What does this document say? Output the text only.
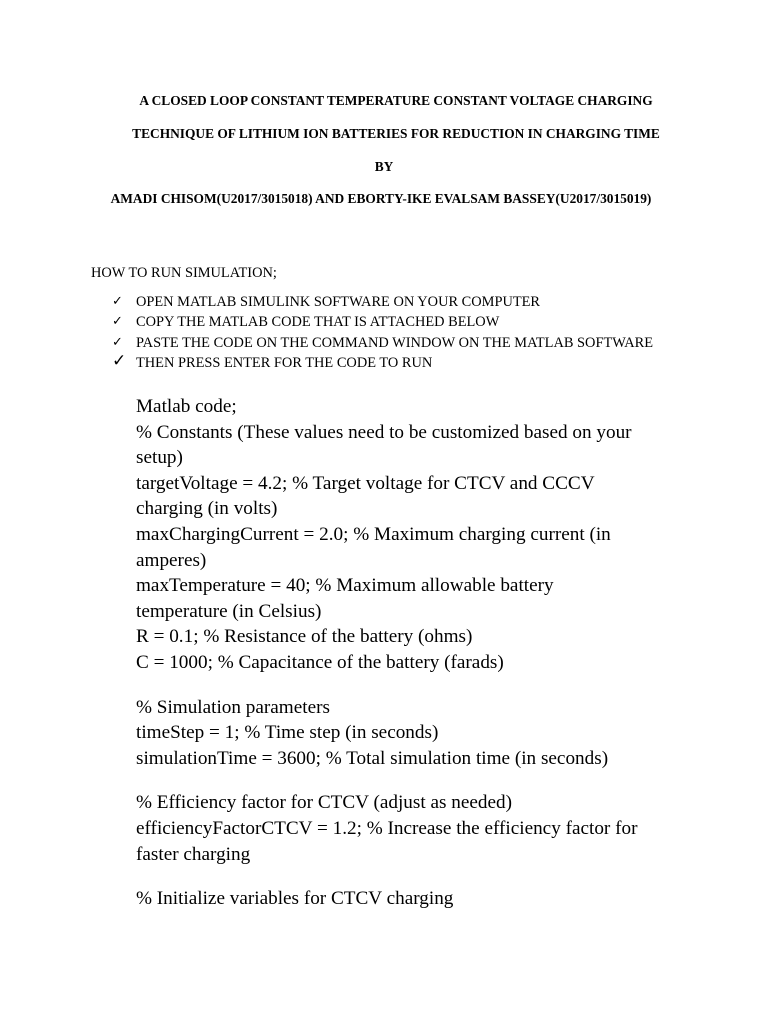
A CLOSED LOOP CONSTANT TEMPERATURE CONSTANT VOLTAGE CHARGING
TECHNIQUE OF LITHIUM ION BATTERIES FOR REDUCTION IN CHARGING TIME
BY
AMADI CHISOM(U2017/3015018) AND EBORTY-IKE EVALSAM BASSEY(U2017/3015019)
HOW TO RUN SIMULATION;
✓ OPEN MATLAB SIMULINK SOFTWARE ON YOUR COMPUTER
✓ COPY THE MATLAB CODE THAT IS ATTACHED BELOW
✓ PASTE THE CODE ON THE COMMAND WINDOW ON THE MATLAB SOFTWARE
✓ THEN PRESS ENTER FOR THE CODE TO RUN
Matlab code;
% Constants (These values need to be customized based on your
setup)
targetVoltage = 4.2; % Target voltage for CTCV and CCCV
charging (in volts)
maxChargingCurrent = 2.0; % Maximum charging current (in
amperes)
maxTemperature = 40; % Maximum allowable battery
temperature (in Celsius)
R = 0.1; % Resistance of the battery (ohms)
C = 1000; % Capacitance of the battery (farads)
% Simulation parameters
timeStep = 1; % Time step (in seconds)
simulationTime = 3600; % Total simulation time (in seconds)
% Efficiency factor for CTCV (adjust as needed)
efficiencyFactorCTCV = 1.2; % Increase the efficiency factor for
faster charging
% Initialize variables for CTCV charging
